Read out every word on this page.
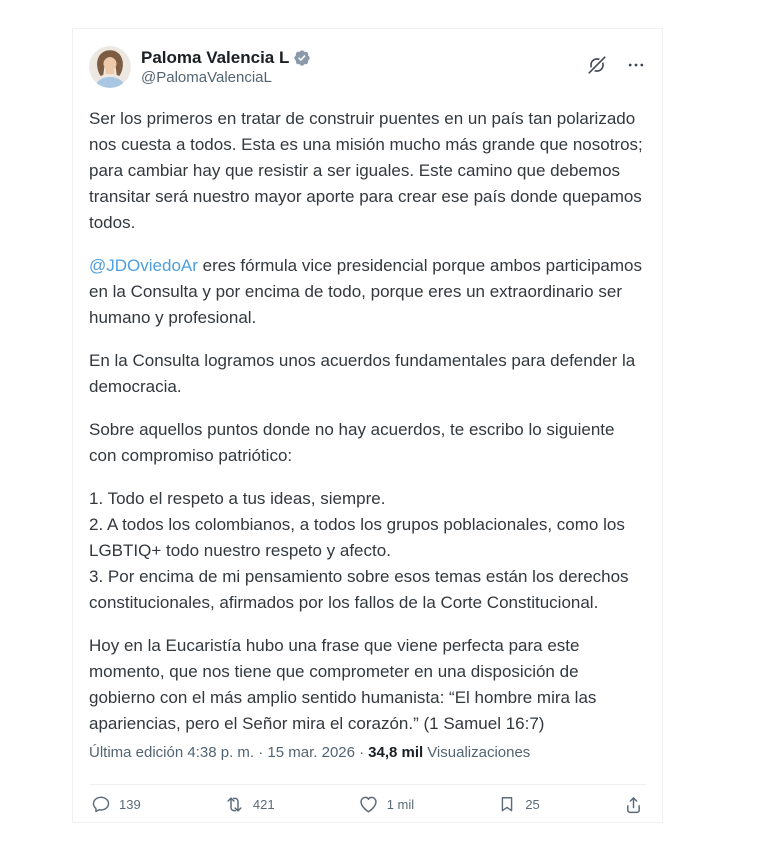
Paloma Valencia L
@PalomaValenciaL

Ser los primeros en tratar de construir puentes en un país tan polarizado nos cuesta a todos. Esta es una misión mucho más grande que nosotros; para cambiar hay que resistir a ser iguales. Este camino que debemos transitar será nuestro mayor aporte para crear ese país donde quepamos todos.

@JDOviedoAr eres fórmula vice presidencial porque ambos participamos en la Consulta y por encima de todo, porque eres un extraordinario ser humano y profesional.

En la Consulta logramos unos acuerdos fundamentales para defender la democracia.

Sobre aquellos puntos donde no hay acuerdos, te escribo lo siguiente con compromiso patriótico:

1. Todo el respeto a tus ideas, siempre.
2. A todos los colombianos, a todos los grupos poblacionales, como los LGBTIQ+ todo nuestro respeto y afecto.
3. Por encima de mi pensamiento sobre esos temas están los derechos constitucionales, afirmados por los fallos de la Corte Constitucional.

Hoy en la Eucaristía hubo una frase que viene perfecta para este momento, que nos tiene que comprometer en una disposición de gobierno con el más amplio sentido humanista: “El hombre mira las apariencias, pero el Señor mira el corazón.” (1 Samuel 16:7)

Última edición 4:38 p. m. · 15 mar. 2026 · 34,8 mil Visualizaciones
139	421	1 mil	25
